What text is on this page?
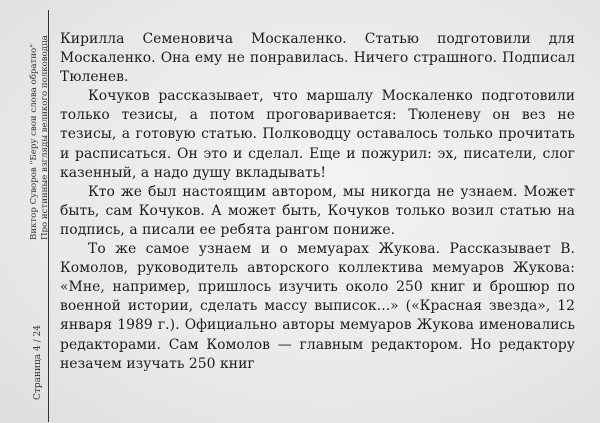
Страница 4 / 24
Виктор Суворов "Беру свои слова обратно" Про истинные взгляды великого полководца Кирилла Семеновича Москаленко. Статью подготовили для Москаленко. Она ему не понравилась. Ничего страшного. Подписал Тюленев.

Кочуков рассказывает, что маршалу Москаленко подготовили только тезисы, а потом проговаривается: Тюленеву он вез не тезисы, а готовую статью. Полководцу оставалось только прочитать и расписаться. Он это и сделал. Еще и пожурил: эх, писатели, слог казенный, а надо душу вкладывать!

Кто же был настоящим автором, мы никогда не узнаем. Может быть, сам Кочуков. А может быть, Кочуков только возил статью на подпись, а писали ее ребята рангом пониже.

То же самое узнаем и о мемуарах Жукова. Рассказывает В. Комолов, руководитель авторского коллектива мемуаров Жукова: «Мне, например, пришлось изучить около 250 книг и брошюр по военной истории, сделать массу выписок...» («Красная звезда», 12 января 1989 г.). Официально авторы мемуаров Жукова именовались редакторами. Сам Комолов — главным редактором. Но редактору незачем изучать 250 книг
